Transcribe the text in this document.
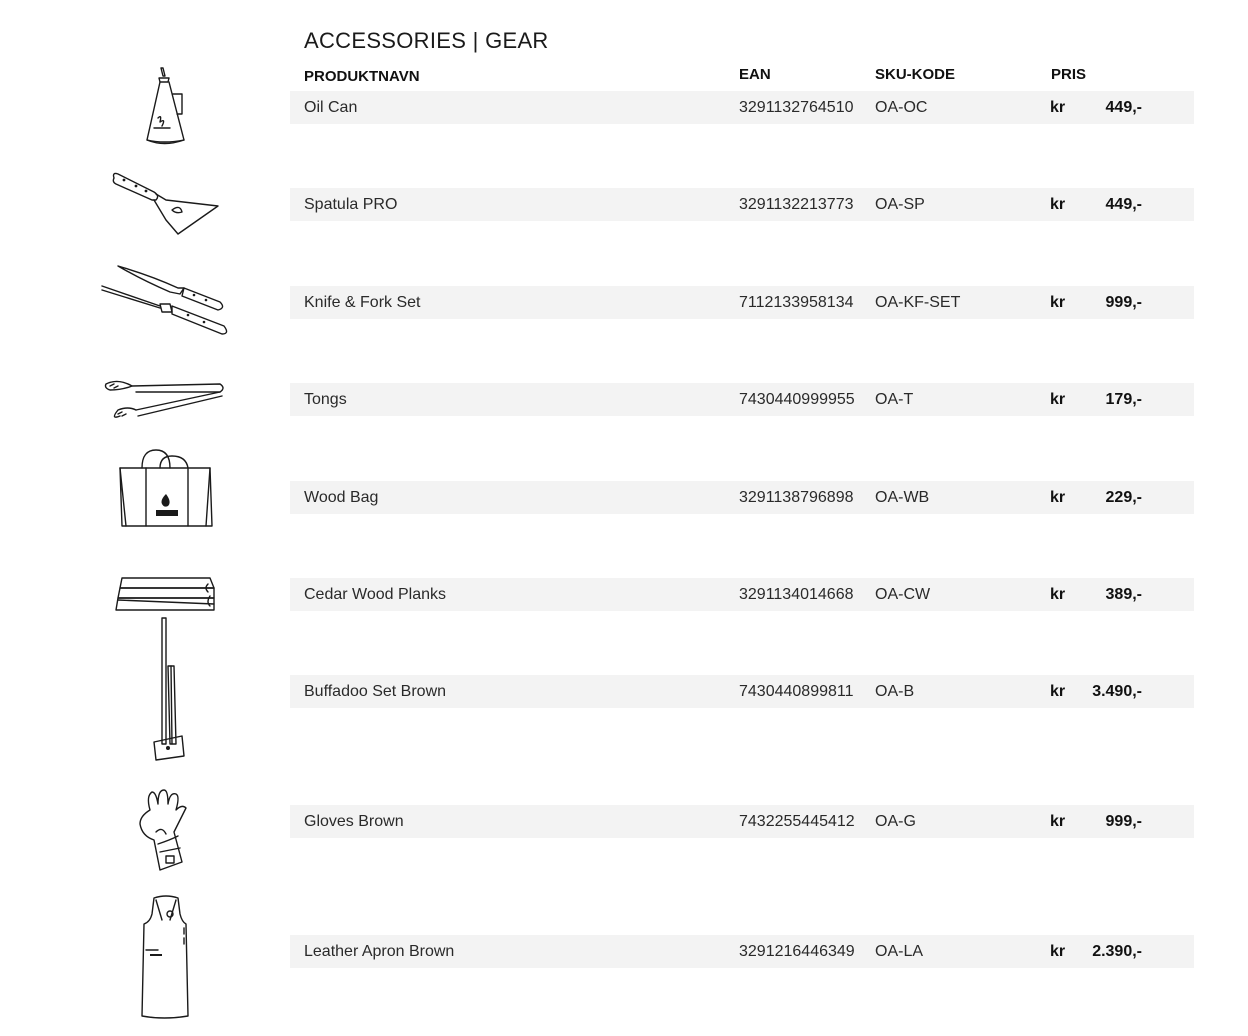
ACCESSORIES | GEAR
PRODUKTNAVN	EAN	SKU-KODE	PRIS
Oil Can	3291132764510 OA-OC	kr	449,-
Spatula PRO	3291132213773 OA-SP	kr	449,-
Knife & Fork Set	7112133958134 OA-KF-SET	kr	999,-
Tongs	7430440999955 OA-T	kr	179,-
Wood Bag	3291138796898 OA-WB	kr	229,-
Cedar Wood Planks	3291134014668 OA-CW	kr	389,-
Buffadoo Set Brown	7430440899811 OA-B	kr	3.490,-
Gloves Brown	7432255445412 OA-G	kr	999,-
Leather Apron Brown	3291216446349 OA-LA	kr	2.390,-
